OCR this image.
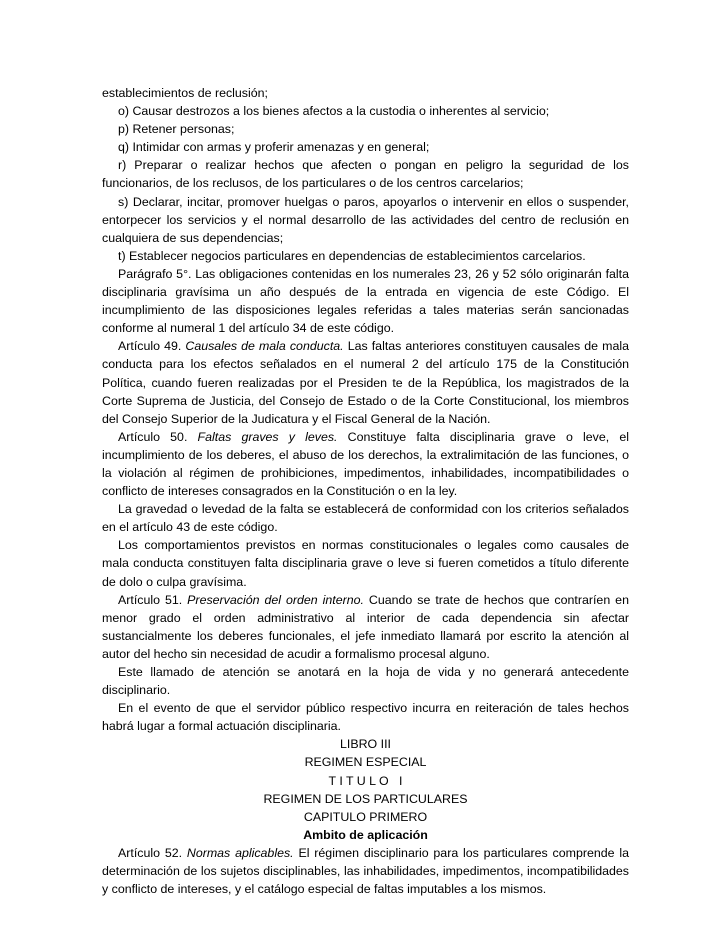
establecimientos de reclusión;

o) Causar destrozos a los bienes afectos a la custodia o inherentes al servicio;

p) Retener personas;

q) Intimidar con armas y proferir amenazas y en general;

r) Preparar o realizar hechos que afecten o pongan en peligro la seguridad de los funcionarios, de los reclusos, de los particulares o de los centros carcelarios;

s) Declarar, incitar, promover huelgas o paros, apoyarlos o intervenir en ellos o suspender, entorpecer los servicios y el normal desarrollo de las actividades del centro de reclusión en cualquiera de sus dependencias;

t) Establecer negocios particulares en dependencias de establecimientos carcelarios.

Parágrafo 5°. Las obligaciones contenidas en los numerales 23, 26 y 52 sólo originarán falta disciplinaria gravísima un año después de la entrada en vigencia de este Código. El incumplimiento de las disposiciones legales referidas a tales materias serán sancionadas conforme al numeral 1 del artículo 34 de este código.

Artículo 49. Causales de mala conducta. Las faltas anteriores constituyen causales de mala conducta para los efectos señalados en el numeral 2 del artículo 175 de la Constitución Política, cuando fueren realizadas por el Presiden te de la República, los magistrados de la Corte Suprema de Justicia, del Consejo de Estado o de la Corte Constitucional, los miembros del Consejo Superior de la Judicatura y el Fiscal General de la Nación.

Artículo 50. Faltas graves y leves. Constituye falta disciplinaria grave o leve, el incumplimiento de los deberes, el abuso de los derechos, la extralimitación de las funciones, o la violación al régimen de prohibiciones, impedimentos, inhabilidades, incompatibilidades o conflicto de intereses consagrados en la Constitución o en la ley.

La gravedad o levedad de la falta se establecerá de conformidad con los criterios señalados en el artículo 43 de este código.

Los comportamientos previstos en normas constitucionales o legales como causales de mala conducta constituyen falta disciplinaria grave o leve si fueren cometidos a título diferente de dolo o culpa gravísima.

Artículo 51. Preservación del orden interno. Cuando se trate de hechos que contraríen en menor grado el orden administrativo al interior de cada dependencia sin afectar sustancialmente los deberes funcionales, el jefe inmediato llamará por escrito la atención al autor del hecho sin necesidad de acudir a formalismo procesal alguno.

Este llamado de atención se anotará en la hoja de vida y no generará antecedente disciplinario.

En el evento de que el servidor público respectivo incurra en reiteración de tales hechos habrá lugar a formal actuación disciplinaria.

LIBRO III

REGIMEN ESPECIAL

T I T U L O   I

REGIMEN DE LOS PARTICULARES

CAPITULO PRIMERO

Ambito de aplicación

Artículo 52. Normas aplicables. El régimen disciplinario para los particulares comprende la determinación de los sujetos disciplinables, las inhabilidades, impedimentos, incompatibilidades y conflicto de intereses, y el catálogo especial de faltas imputables a los mismos.
